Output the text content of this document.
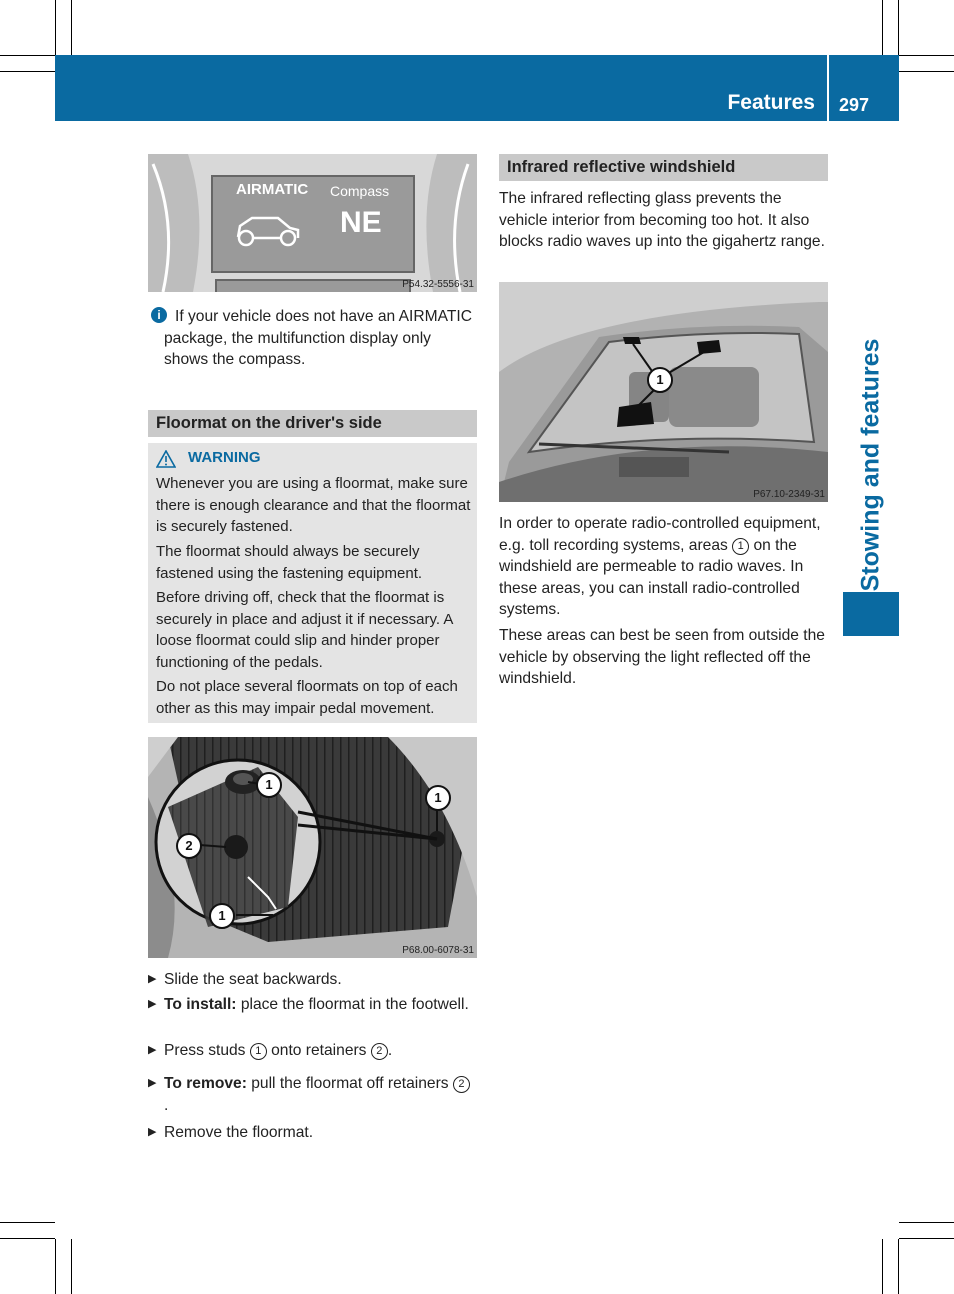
Features 297
Stowing and features
AIRMATIC Compass
NE
P54.32-5556-31
i If your vehicle does not have an AIRMATIC package, the multifunction display only shows the compass.
Floormat on the driver's side
WARNING
Whenever you are using a floormat, make sure there is enough clearance and that the floormat is securely fastened.
The floormat should always be securely fastened using the fastening equipment.
Before driving off, check that the floormat is securely in place and adjust it if necessary. A loose floormat could slip and hinder proper functioning of the pedals.
Do not place several floormats on top of each other as this may impair pedal movement.
1
1
2
1
P68.00-6078-31
▶ Slide the seat backwards.
▶ To install: place the floormat in the footwell.
▶ Press studs 1 onto retainers 2 .
▶ To remove: pull the floormat off retainers 2.
▶ Remove the floormat.
Infrared reflective windshield
The infrared reflecting glass prevents the vehicle interior from becoming too hot. It also blocks radio waves up into the gigahertz range.
1
P67.10-2349-31
In order to operate radio-controlled equipment, e.g. toll recording systems, areas 1 on the windshield are permeable to radio waves. In these areas, you can install radio-controlled systems.
These areas can best be seen from outside the vehicle by observing the light reflected off the windshield.
